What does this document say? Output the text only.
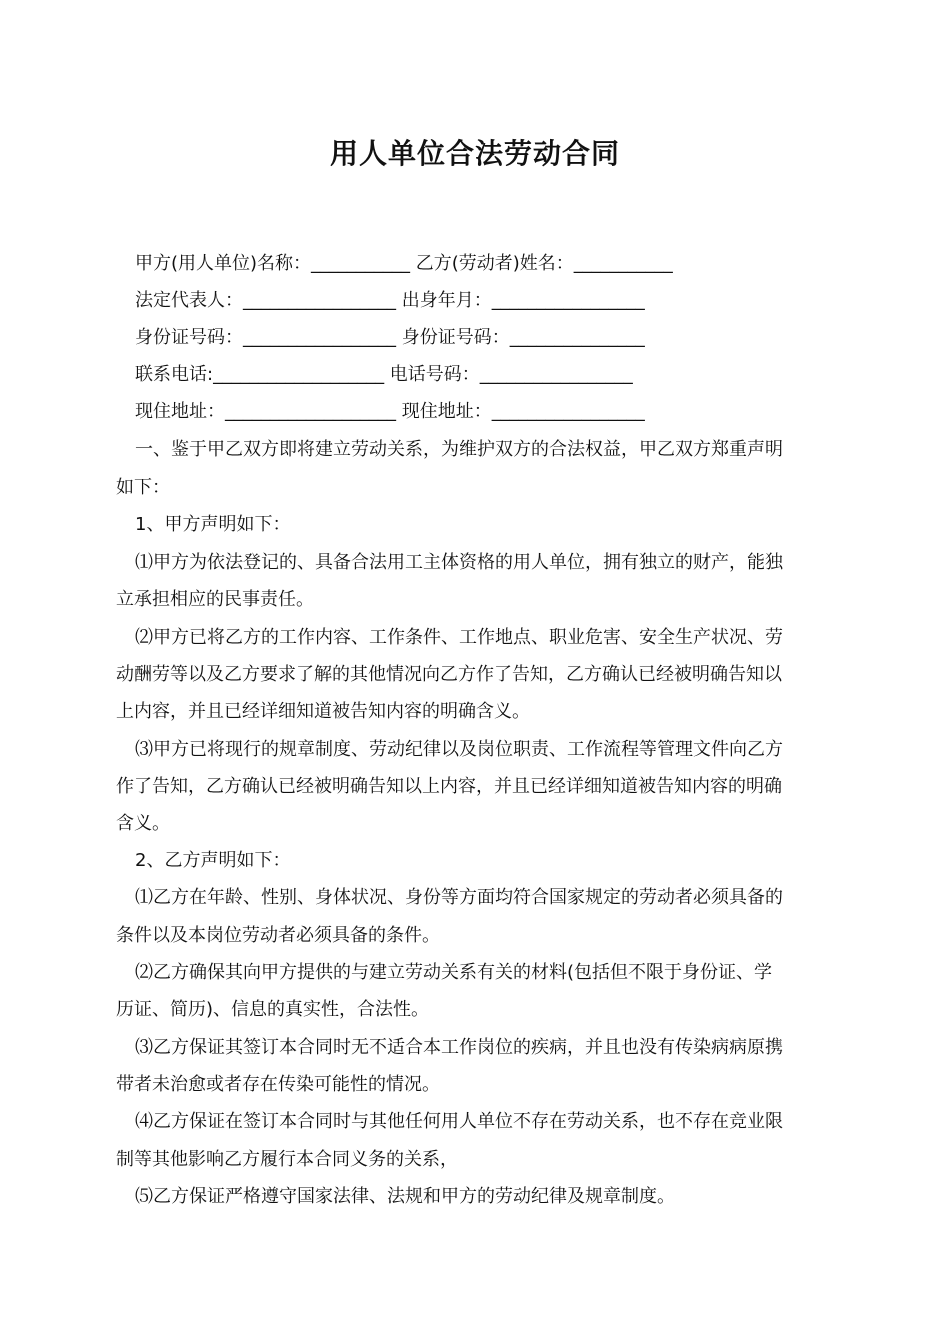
用人单位合法劳动合同
甲方(用人单位)名称：___________ 乙方(劳动者)姓名：___________
法定代表人：_________________ 出身年月：_________________
身份证号码：_________________ 身份证号码：_______________
联系电话:___________________ 电话号码：_________________
现住地址：___________________ 现住地址：_________________
一、鉴于甲乙双方即将建立劳动关系，为维护双方的合法权益，甲乙双方郑重声明
如下：
1、甲方声明如下：
⑴甲方为依法登记的、具备合法用工主体资格的用人单位，拥有独立的财产，能独
立承担相应的民事责任。
⑵甲方已将乙方的工作内容、工作条件、工作地点、职业危害、安全生产状况、劳
动酬劳等以及乙方要求了解的其他情况向乙方作了告知，乙方确认已经被明确告知以
上内容，并且已经详细知道被告知内容的明确含义。
⑶甲方已将现行的规章制度、劳动纪律以及岗位职责、工作流程等管理文件向乙方
作了告知，乙方确认已经被明确告知以上内容，并且已经详细知道被告知内容的明确
含义。
2、乙方声明如下：
⑴乙方在年龄、性别、身体状况、身份等方面均符合国家规定的劳动者必须具备的
条件以及本岗位劳动者必须具备的条件。
⑵乙方确保其向甲方提供的与建立劳动关系有关的材料(包括但不限于身份证、学
历证、简历)、信息的真实性，合法性。
⑶乙方保证其签订本合同时无不适合本工作岗位的疾病，并且也没有传染病病原携
带者未治愈或者存在传染可能性的情况。
⑷乙方保证在签订本合同时与其他任何用人单位不存在劳动关系，也不存在竞业限
制等其他影响乙方履行本合同义务的关系，
⑸乙方保证严格遵守国家法律、法规和甲方的劳动纪律及规章制度。
